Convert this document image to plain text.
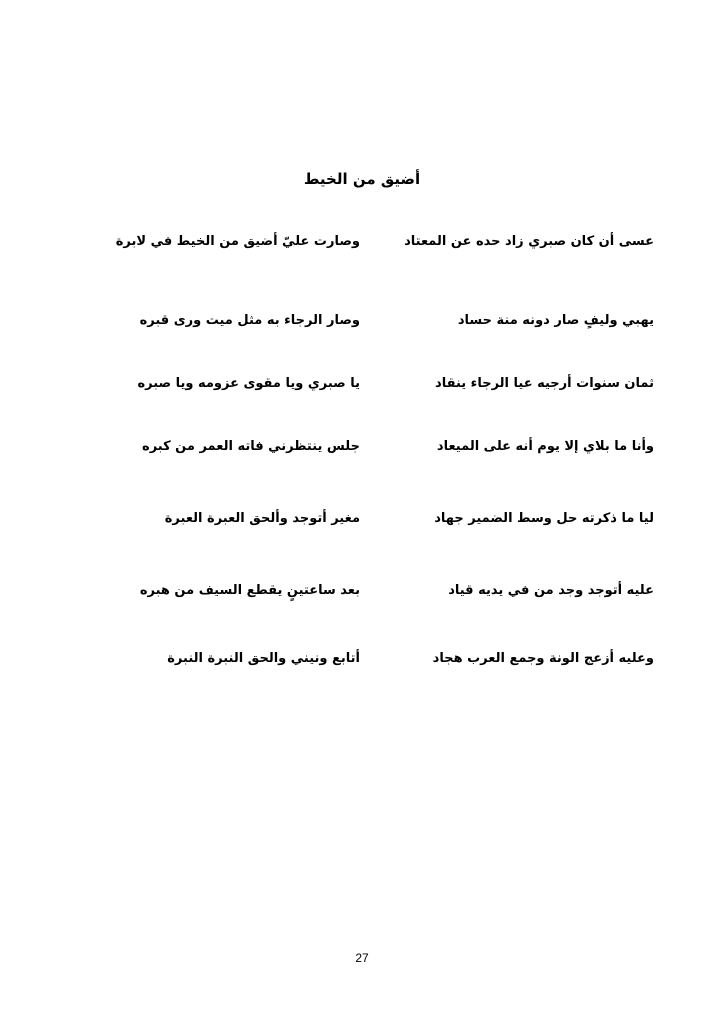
أضيق من الخيط
عسى أن كان صبري زاد حده عن المعتاد
وصارت عليّ أضيق من الخيط في لابرة
يهبي وليفٍ صار دونه منة حساد
وصار الرجاء به مثل ميت ورى قبره
ثمان سنوات أرجيه عيا الرجاء ينقاد
يا صبري ويا مقوى عزومه ويا صبره
وأنا ما بلاي إلا يوم أنه على الميعاد
جلس ينتظرني فاته العمر من كبره
ليا ما ذكرته حل وسط الضمير جهاد
مغير أتوجد وألحق العبرة العبرة
عليه أتوجد وجد من في يديه قياد
بعد ساعتينٍ يقطع السيف من هبره
وعليه أزعج الونة وجمع العرب هجاد
أتابع ونيني والحق النبرة النبرة
27
